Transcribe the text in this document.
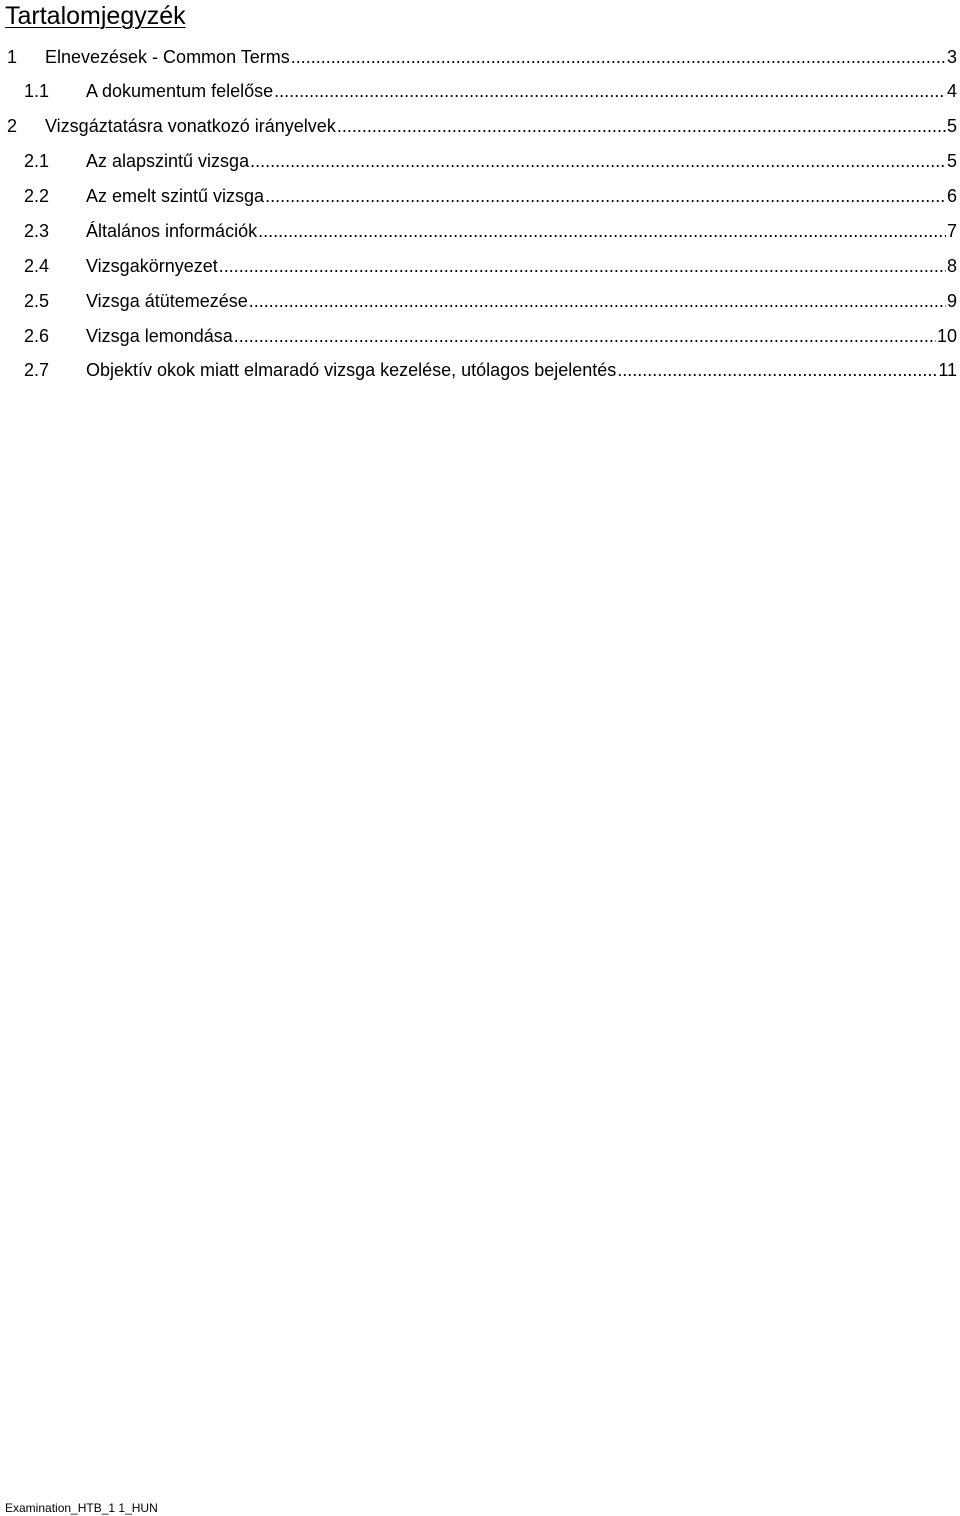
Tartalomjegyzék
1	Elnevezések - Common Terms .....	3
1.1	A dokumentum felelőse .....	4
2	Vizsgáztatásra vonatkozó irányelvek .....	5
2.1	Az alapszintű vizsga .....	5
2.2	Az emelt szintű vizsga .....	6
2.3	Általános információk .....	7
2.4	Vizsgakörnyezet .....	8
2.5	Vizsga átütemezése .....	9
2.6	Vizsga lemondása .....	10
2.7	Objektív okok miatt elmaradó vizsga kezelése, utólagos bejelentés .....	11
Examination_HTB_1 1_HUN
